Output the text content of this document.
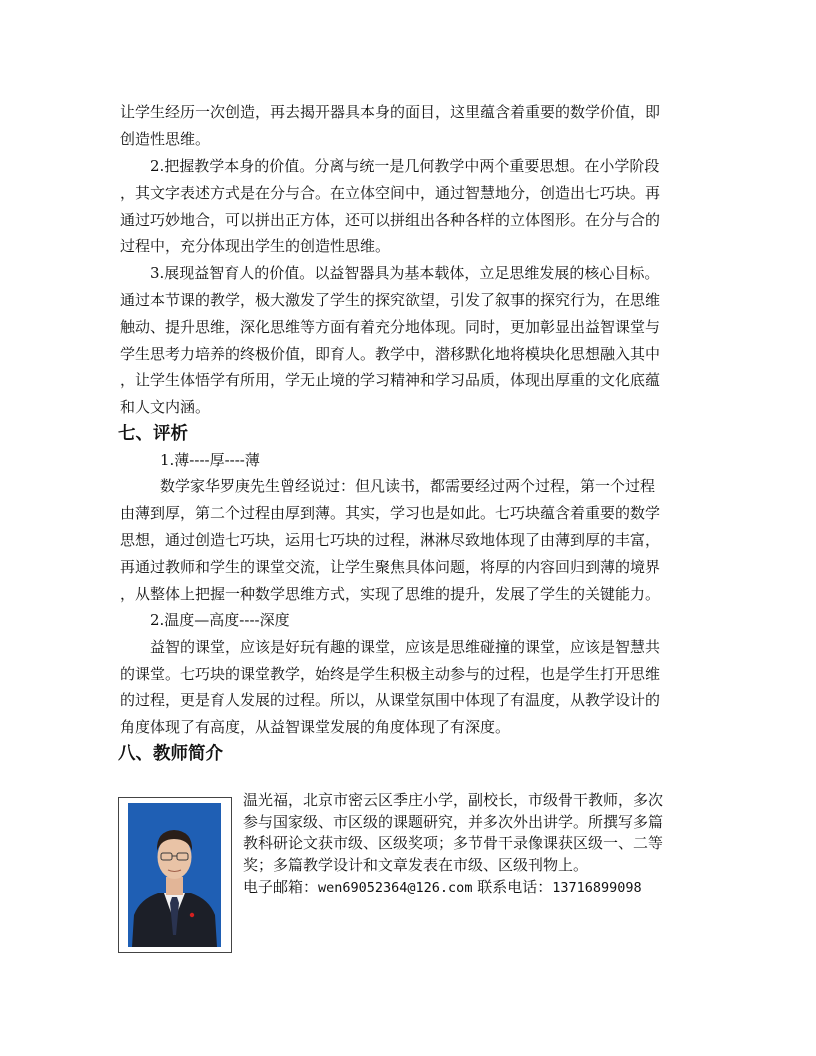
让学生经历一次创造，再去揭开器具本身的面目，这里蕴含着重要的数学价值，即
创造性思维。
2.把握教学本身的价值。分离与统一是几何教学中两个重要思想。在小学阶段
，其文字表述方式是在分与合。在立体空间中，通过智慧地分，创造出七巧块。再
通过巧妙地合，可以拼出正方体，还可以拼组出各种各样的立体图形。在分与合的
过程中，充分体现出学生的创造性思维。
3.展现益智育人的价值。以益智器具为基本载体，立足思维发展的核心目标。
通过本节课的教学，极大激发了学生的探究欲望，引发了叙事的探究行为，在思维
触动、提升思维，深化思维等方面有着充分地体现。同时，更加彰显出益智课堂与
学生思考力培养的终极价值，即育人。教学中，潜移默化地将模块化思想融入其中
，让学生体悟学有所用，学无止境的学习精神和学习品质，体现出厚重的文化底蕴
和人文内涵。
七、评析
1.薄----厚----薄
数学家华罗庚先生曾经说过：但凡读书，都需要经过两个过程，第一个过程
由薄到厚，第二个过程由厚到薄。其实，学习也是如此。七巧块蕴含着重要的数学
思想，通过创造七巧块，运用七巧块的过程，淋淋尽致地体现了由薄到厚的丰富，
再通过教师和学生的课堂交流，让学生聚焦具体问题，将厚的内容回归到薄的境界
，从整体上把握一种数学思维方式，实现了思维的提升，发展了学生的关键能力。
2.温度—高度----深度
益智的课堂，应该是好玩有趣的课堂，应该是思维碰撞的课堂，应该是智慧共
的课堂。七巧块的课堂教学，始终是学生积极主动参与的过程，也是学生打开思维
的过程，更是育人发展的过程。所以，从课堂氛围中体现了有温度，从教学设计的
角度体现了有高度，从益智课堂发展的角度体现了有深度。
八、教师简介
温光福，北京市密云区季庄小学，副校长，市级骨干教师，多次
参与国家级、市区级的课题研究，并多次外出讲学。所撰写多篇
教科研论文获市级、区级奖项；多节骨干录像课获区级一、二等
奖；多篇教学设计和文章发表在市级、区级刊物上。
电子邮箱：wen69052364@126.com 联系电话：13716899098
